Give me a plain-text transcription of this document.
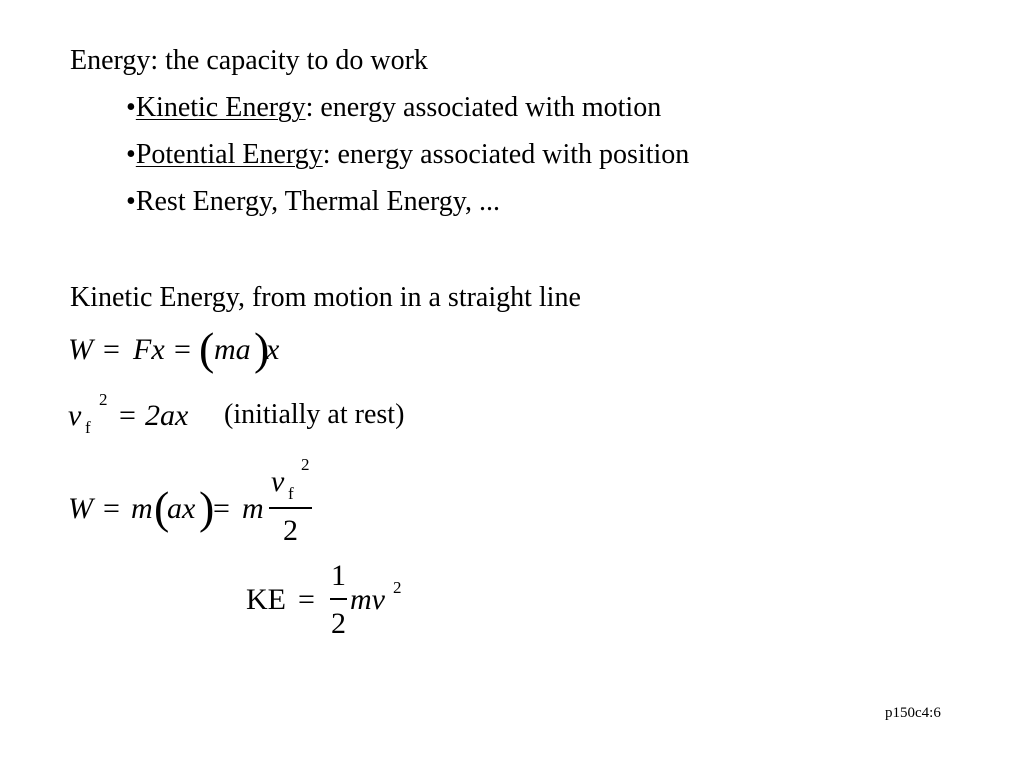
Energy: the capacity to do work
•Kinetic Energy: energy associated with motion
•Potential Energy: energy associated with position
•Rest Energy, Thermal Energy, ...
Kinetic Energy, from motion in a straight line
W = Fx = ( ma )
x
v 2
f = 2ax (initially at rest)
W = m (
ax )
= m
v
2
f
2
KE =
1
2
mv 2
p150c4:6
